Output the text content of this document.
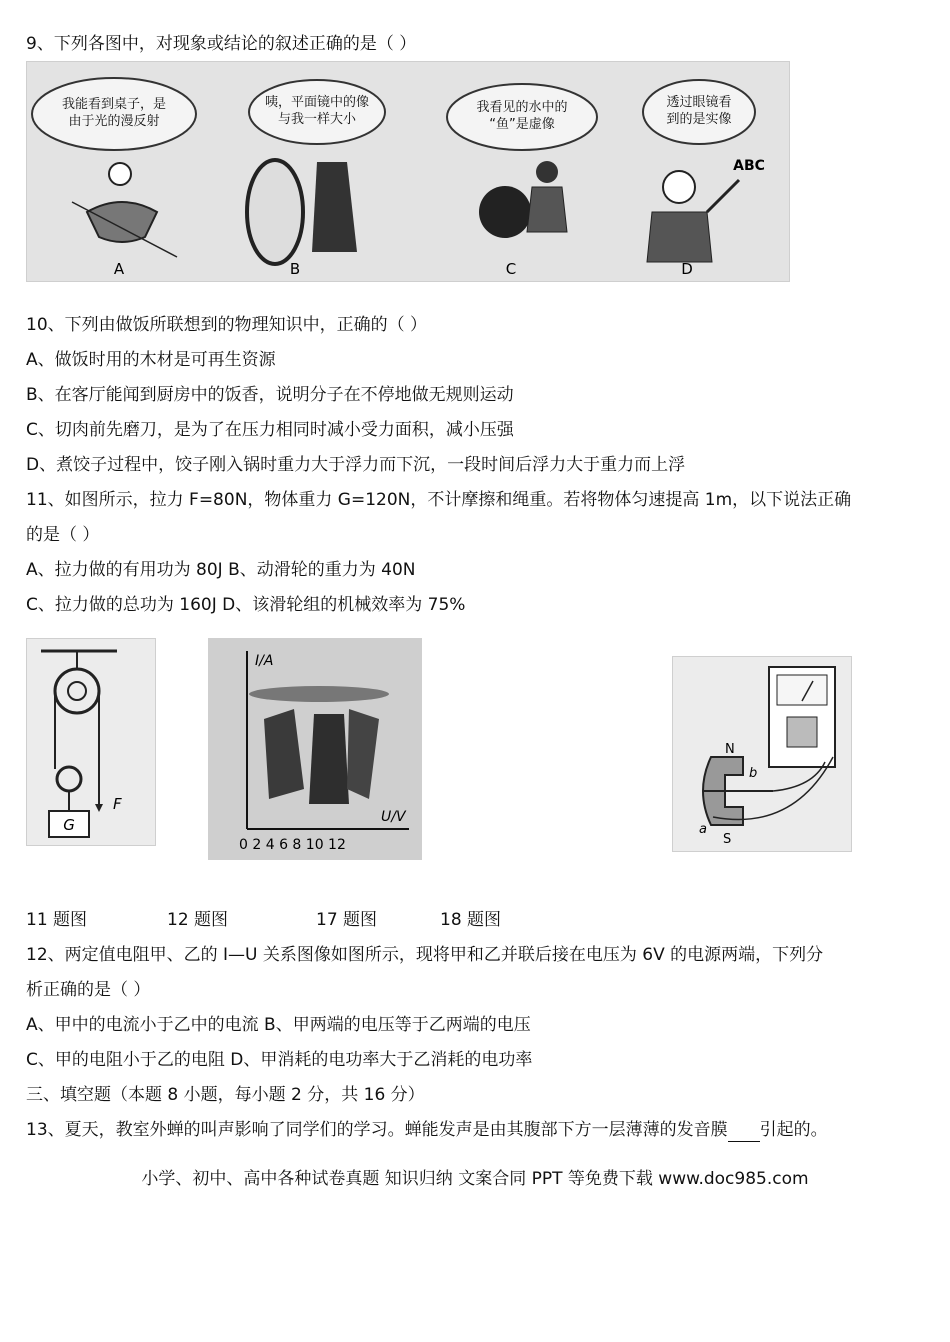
9、下列各图中，对现象或结论的叙述正确的是（ ）
我能看到桌子，是由于光的漫反射
A
咦，平面镜中的像与我一样大小
B
我看见的水中的“鱼”是虚像
C
透过眼镜看到的是实像
ABC
D
10、下列由做饭所联想到的物理知识中，正确的（ ）
A、做饭时用的木材是可再生资源
B、在客厅能闻到厨房中的饭香，说明分子在不停地做无规则运动
C、切肉前先磨刀，是为了在压力相同时减小受力面积，减小压强
D、煮饺子过程中，饺子刚入锅时重力大于浮力而下沉，一段时间后浮力大于重力而上浮
11、如图所示，拉力 F=80N，物体重力 G=120N，不计摩擦和绳重。若将物体匀速提高 1m，以下说法正确
的是（ ）
A、拉力做的有用功为 80J B、动滑轮的重力为 40N
C、拉力做的总功为 160J D、该滑轮组的机械效率为 75%
G
F
I/A
U/V
0 2 4 6 8 10 12
N
S
a
b
11 题图	12 题图	17 题图	18 题图
12、两定值电阻甲、乙的 I—U 关系图像如图所示，现将甲和乙并联后接在电压为 6V 的电源两端，下列分
析正确的是（ ）
A、甲中的电流小于乙中的电流 B、甲两端的电压等于乙两端的电压
C、甲的电阻小于乙的电阻 D、甲消耗的电功率大于乙消耗的电功率
三、填空题（本题 8 小题，每小题 2 分，共 16 分）
13、夏天，教室外蝉的叫声影响了同学们的学习。蝉能发声是由其腹部下方一层薄薄的发音膜 引起的。
小学、初中、高中各种试卷真题 知识归纳 文案合同 PPT 等免费下载 www.doc985.com
